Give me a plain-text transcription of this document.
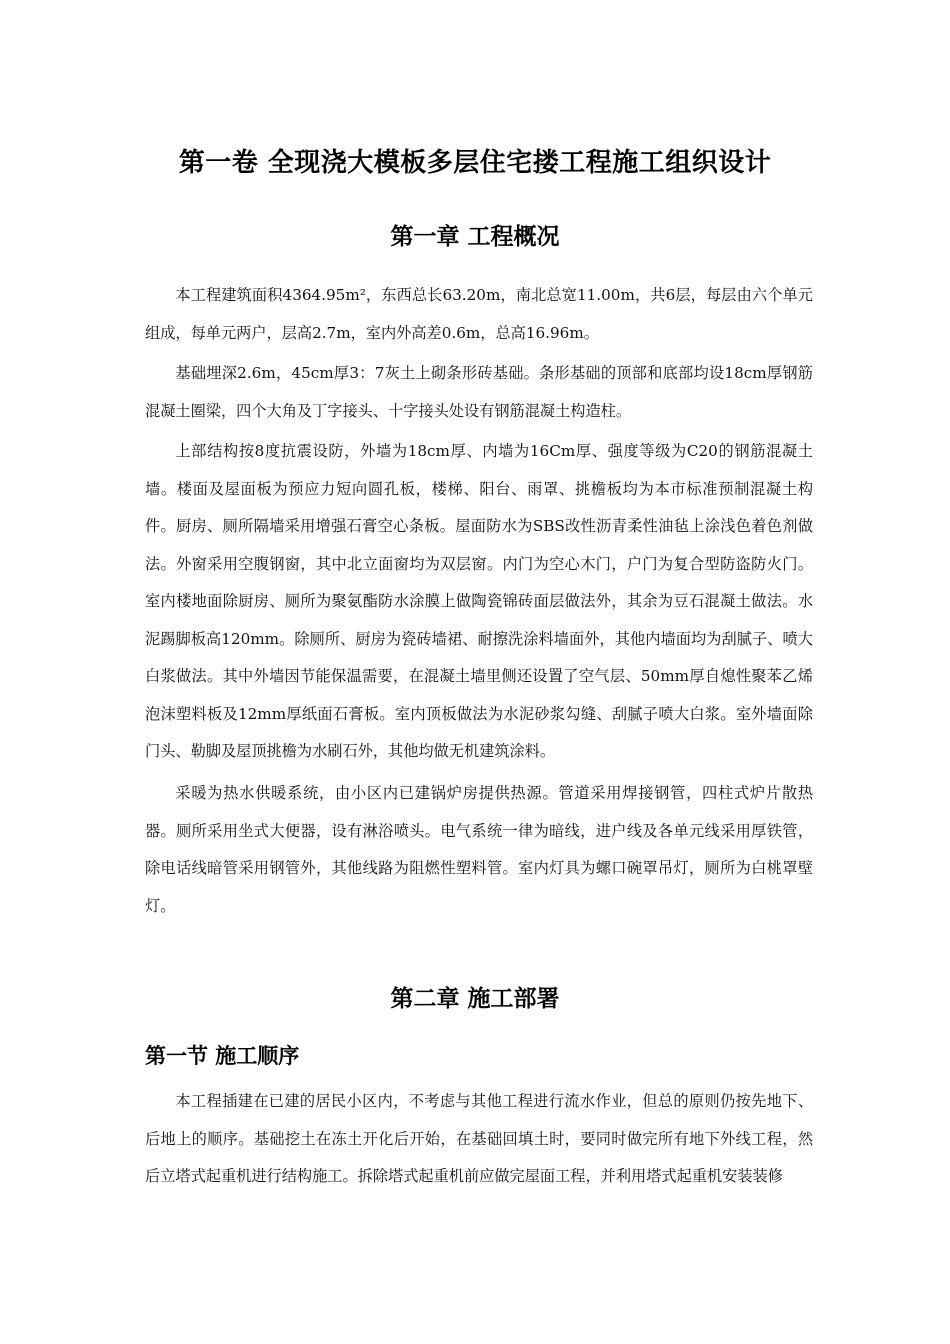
第一卷 全现浇大模板多层住宅搂工程施工组织设计
第一章 工程概况

本工程建筑面积4364.95m²，东西总长63.20m，南北总宽11.00m，共6层，每层由六个单元组成，每单元两户，层高2.7m，室内外高差0.6m，总高16.96m。

基础埋深2.6m，45cm厚3：7灰土上砌条形砖基础。条形基础的顶部和底部均设18cm厚钢筋混凝土圈梁，四个大角及丁字接头、十字接头处设有钢筋混凝土构造柱。

上部结构按8度抗震设防，外墙为18cm厚、内墙为16Cm厚、强度等级为C20的钢筋混凝土墙。楼面及屋面板为预应力短向圆孔板，楼梯、阳台、雨罩、挑檐板均为本市标准预制混凝土构件。厨房、厕所隔墙采用增强石膏空心条板。屋面防水为SBS改性沥青柔性油毡上涂浅色着色剂做法。外窗采用空腹钢窗，其中北立面窗均为双层窗。内门为空心木门，户门为复合型防盗防火门。室内楼地面除厨房、厕所为聚氨酯防水涂膜上做陶瓷锦砖面层做法外，其余为豆石混凝土做法。水泥踢脚板高120mm。除厕所、厨房为瓷砖墙裙、耐擦洗涂料墙面外，其他内墙面均为刮腻子、喷大白浆做法。其中外墙因节能保温需要，在混凝土墙里侧还设置了空气层、50mm厚自熄性聚苯乙烯泡沫塑料板及12mm厚纸面石膏板。室内顶板做法为水泥砂浆勾缝、刮腻子喷大白浆。室外墙面除门头、勒脚及屋顶挑檐为水刷石外，其他均做无机建筑涂料。

采暖为热水供暖系统，由小区内已建锅炉房提供热源。管道采用焊接钢管，四柱式炉片散热器。厕所采用坐式大便器，设有淋浴喷头。电气系统一律为暗线，进户线及各单元线采用厚铁管，除电话线暗管采用钢管外，其他线路为阻燃性塑料管。室内灯具为螺口碗罩吊灯，厕所为白桃罩壁灯。

第二章 施工部署
第一节 施工顺序

本工程插建在已建的居民小区内，不考虑与其他工程进行流水作业，但总的原则仍按先地下、后地上的顺序。基础挖土在冻土开化后开始，在基础回填土时，要同时做完所有地下外线工程，然后立塔式起重机进行结构施工。拆除塔式起重机前应做完屋面工程，并利用塔式起重机安装装修
